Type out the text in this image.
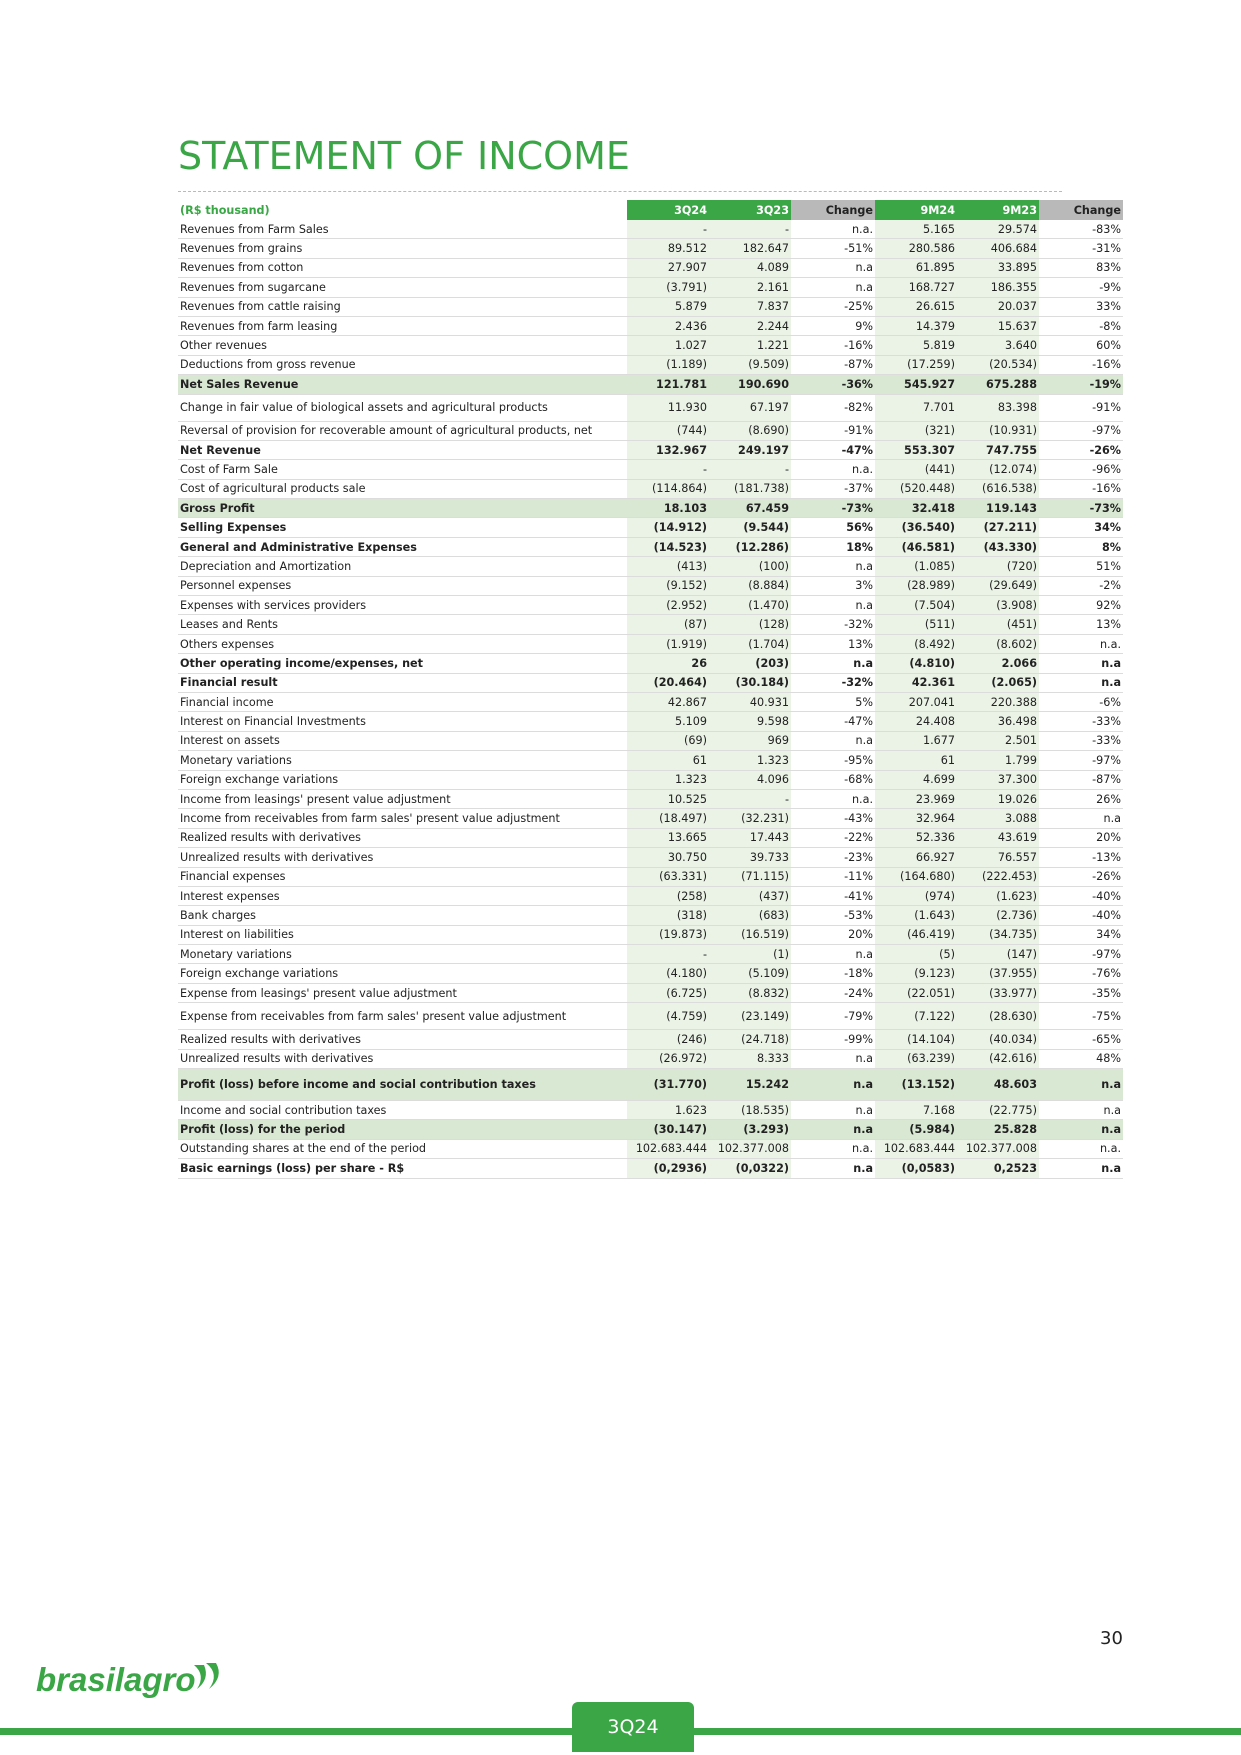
STATEMENT OF INCOME
(R$ thousand)	3Q24	3Q23	Change	9M24	9M23	Change
Revenues from Farm Sales	-	-	n.a.	5.165	29.574	-83%
Revenues from grains	89.512	182.647	-51%	280.586	406.684	-31%
Revenues from cotton	27.907	4.089	n.a	61.895	33.895	83%
Revenues from sugarcane	(3.791)	2.161	n.a	168.727	186.355	-9%
Revenues from cattle raising	5.879	7.837	-25%	26.615	20.037	33%
Revenues from farm leasing	2.436	2.244	9%	14.379	15.637	-8%
Other revenues	1.027	1.221	-16%	5.819	3.640	60%
Deductions from gross revenue	(1.189)	(9.509)	-87%	(17.259)	(20.534)	-16%
Net Sales Revenue	121.781	190.690	-36%	545.927	675.288	-19%
Change in fair value of biological assets and agricultural products	11.930	67.197	-82%	7.701	83.398	-91%
Reversal of provision for recoverable amount of agricultural products, net	(744)	(8.690)	-91%	(321)	(10.931)	-97%
Net Revenue	132.967	249.197	-47%	553.307	747.755	-26%
Cost of Farm Sale	-	-	n.a.	(441)	(12.074)	-96%
Cost of agricultural products sale	(114.864)	(181.738)	-37%	(520.448)	(616.538)	-16%
Gross Profit	18.103	67.459	-73%	32.418	119.143	-73%
Selling Expenses	(14.912)	(9.544)	56%	(36.540)	(27.211)	34%
General and Administrative Expenses	(14.523)	(12.286)	18%	(46.581)	(43.330)	8%
Depreciation and Amortization	(413)	(100)	n.a	(1.085)	(720)	51%
Personnel expenses	(9.152)	(8.884)	3%	(28.989)	(29.649)	-2%
Expenses with services providers	(2.952)	(1.470)	n.a	(7.504)	(3.908)	92%
Leases and Rents	(87)	(128)	-32%	(511)	(451)	13%
Others expenses	(1.919)	(1.704)	13%	(8.492)	(8.602)	n.a.
Other operating income/expenses, net	26	(203)	n.a	(4.810)	2.066	n.a
Financial result	(20.464)	(30.184)	-32%	42.361	(2.065)	n.a
Financial income	42.867	40.931	5%	207.041	220.388	-6%
Interest on Financial Investments	5.109	9.598	-47%	24.408	36.498	-33%
Interest on assets	(69)	969	n.a	1.677	2.501	-33%
Monetary variations	61	1.323	-95%	61	1.799	-97%
Foreign exchange variations	1.323	4.096	-68%	4.699	37.300	-87%
Income from leasings' present value adjustment	10.525	-	n.a.	23.969	19.026	26%
Income from receivables from farm sales' present value adjustment	(18.497)	(32.231)	-43%	32.964	3.088	n.a
Realized results with derivatives	13.665	17.443	-22%	52.336	43.619	20%
Unrealized results with derivatives	30.750	39.733	-23%	66.927	76.557	-13%
Financial expenses	(63.331)	(71.115)	-11%	(164.680)	(222.453)	-26%
Interest expenses	(258)	(437)	-41%	(974)	(1.623)	-40%
Bank charges	(318)	(683)	-53%	(1.643)	(2.736)	-40%
Interest on liabilities	(19.873)	(16.519)	20%	(46.419)	(34.735)	34%
Monetary variations	-	(1)	n.a	(5)	(147)	-97%
Foreign exchange variations	(4.180)	(5.109)	-18%	(9.123)	(37.955)	-76%
Expense from leasings' present value adjustment	(6.725)	(8.832)	-24%	(22.051)	(33.977)	-35%
Expense from receivables from farm sales' present value adjustment	(4.759)	(23.149)	-79%	(7.122)	(28.630)	-75%
Realized results with derivatives	(246)	(24.718)	-99%	(14.104)	(40.034)	-65%
Unrealized results with derivatives	(26.972)	8.333	n.a	(63.239)	(42.616)	48%
Profit (loss) before income and social contribution taxes	(31.770)	15.242	n.a	(13.152)	48.603	n.a
Income and social contribution taxes	1.623	(18.535)	n.a	7.168	(22.775)	n.a
Profit (loss) for the period	(30.147)	(3.293)	n.a	(5.984)	25.828	n.a
Outstanding shares at the end of the period	102.683.444	102.377.008	n.a.	102.683.444	102.377.008	n.a.
Basic earnings (loss) per share - R$	(0,2936)	(0,0322)	n.a	(0,0583)	0,2523	n.a
30
brasilagro
3Q24
